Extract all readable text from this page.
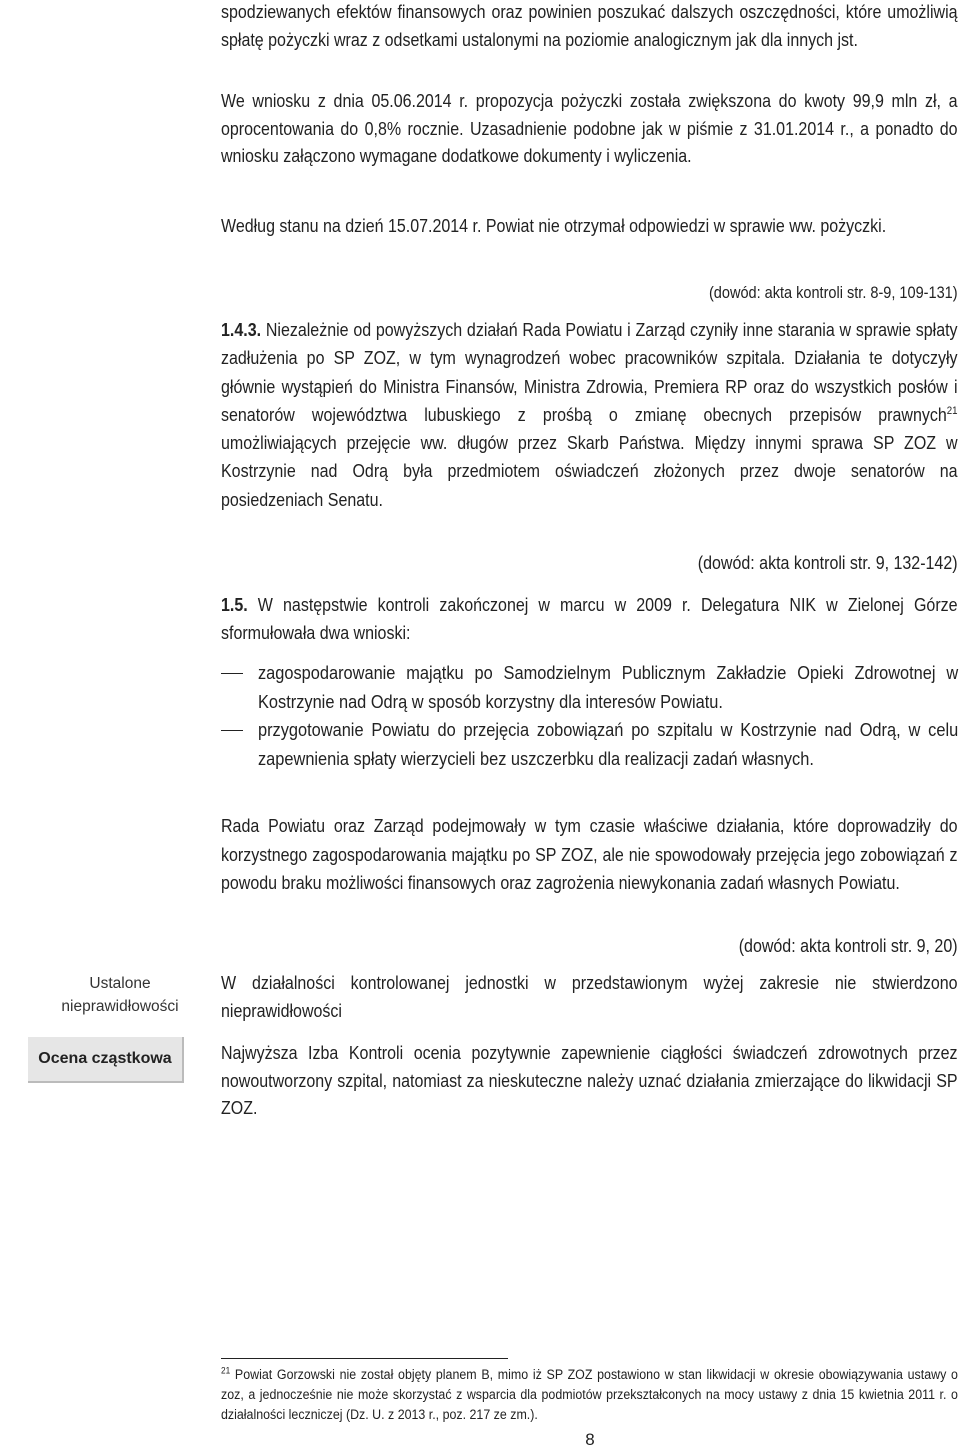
Ustalone nieprawidłowości
Ocena cząstkowa

spodziewanych efektów finansowych oraz powinien poszukać dalszych oszczędności, które umożliwią spłatę pożyczki wraz z odsetkami ustalonymi na poziomie analogicznym jak dla innych jst.

We wniosku z dnia 05.06.2014 r. propozycja pożyczki została zwiększona do kwoty 99,9 mln zł, a oprocentowania do 0,8% rocznie. Uzasadnienie podobne jak w piśmie z 31.01.2014 r., a ponadto do wniosku załączono wymagane dodatkowe dokumenty i wyliczenia.

Według stanu na dzień 15.07.2014 r. Powiat nie otrzymał odpowiedzi w sprawie ww. pożyczki.

(dowód: akta kontroli str. 8-9, 109-131)

1.4.3. Niezależnie od powyższych działań Rada Powiatu i Zarząd czyniły inne starania w sprawie spłaty zadłużenia po SP ZOZ, w tym wynagrodzeń wobec pracowników szpitala. Działania te dotyczyły głównie wystąpień do Ministra Finansów, Ministra Zdrowia, Premiera RP oraz do wszystkich posłów i senatorów województwa lubuskiego z prośbą o zmianę obecnych przepisów prawnych$^{21}$ umożliwiających przejęcie ww. długów przez Skarb Państwa. Między innymi sprawa SP ZOZ w Kostrzynie nad Odrą była przedmiotem oświadczeń złożonych przez dwoje senatorów na posiedzeniach Senatu.

(dowód: akta kontroli str. 9, 132-142)

1.5. W następstwie kontroli zakończonej w marcu w 2009 r. Delegatura NIK w Zielonej Górze sformułowała dwa wnioski:

zagospodarowanie majątku po Samodzielnym Publicznym Zakładzie Opieki Zdrowotnej w Kostrzynie nad Odrą w sposób korzystny dla interesów Powiatu.

przygotowanie Powiatu do przejęcia zobowiązań po szpitalu w Kostrzynie nad Odrą, w celu zapewnienia spłaty wierzycieli bez uszczerbku dla realizacji zadań własnych.

Rada Powiatu oraz Zarząd podejmowały w tym czasie właściwe działania, które doprowadziły do korzystnego zagospodarowania majątku po SP ZOZ, ale nie spowodowały przejęcia jego zobowiązań z powodu braku możliwości finansowych oraz zagrożenia niewykonania zadań własnych Powiatu.

(dowód: akta kontroli str. 9, 20)

W działalności kontrolowanej jednostki w przedstawionym wyżej zakresie nie stwierdzono nieprawidłowości

Najwyższa Izba Kontroli ocenia pozytywnie zapewnienie ciągłości świadczeń zdrowotnych przez nowoutworzony szpital, natomiast za nieskuteczne należy uznać działania zmierzające do likwidacji SP ZOZ.

$^{21}$ Powiat Gorzowski nie został objęty planem B, mimo iż SP ZOZ postawiono w stan likwidacji w okresie obowiązywania ustawy o zoz, a jednocześnie nie może skorzystać z wsparcia dla podmiotów przekształconych na mocy ustawy z dnia 15 kwietnia 2011 r. o działalności leczniczej (Dz. U. z 2013 r., poz. 217 ze zm.).

8
